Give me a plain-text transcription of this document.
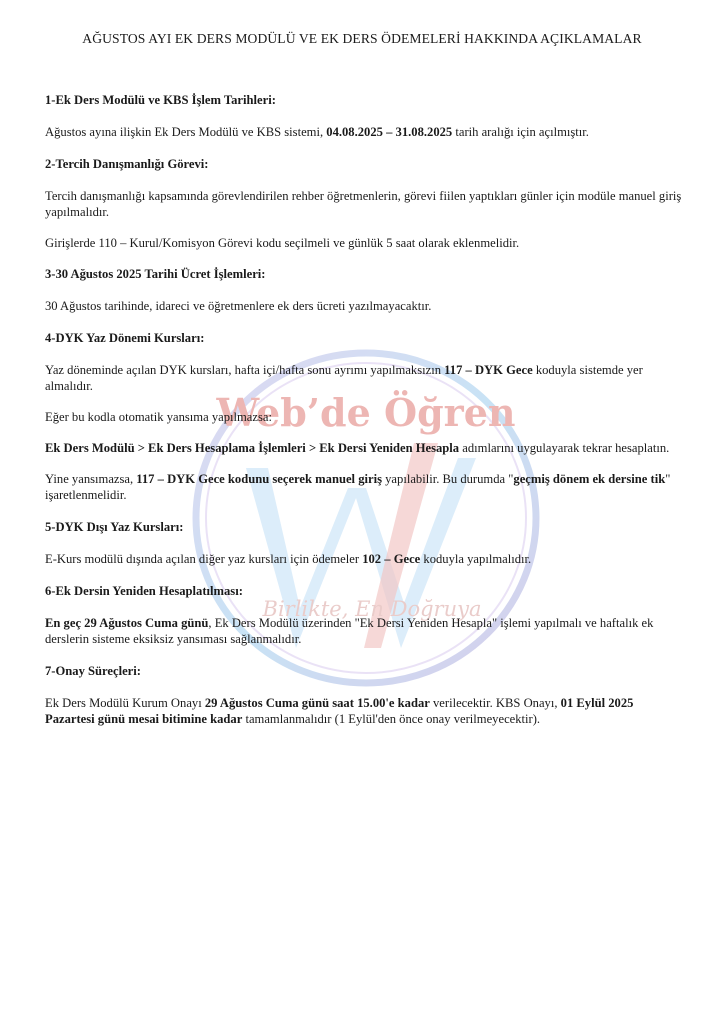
Web’de Öğren
Birlikte, En Doğruya
AĞUSTOS AYI EK DERS MODÜLÜ VE EK DERS ÖDEMELERİ HAKKINDA AÇIKLAMALAR

1-Ek Ders Modülü ve KBS İşlem Tarihleri:

Ağustos ayına ilişkin Ek Ders Modülü ve KBS sistemi, 04.08.2025 – 31.08.2025 tarih aralığı için açılmıştır.

2-Tercih Danışmanlığı Görevi:

Tercih danışmanlığı kapsamında görevlendirilen rehber öğretmenlerin, görevi fiilen yaptıkları günler için modüle manuel giriş yapılmalıdır.

Girişlerde 110 – Kurul/Komisyon Görevi kodu seçilmeli ve günlük 5 saat olarak eklenmelidir.

3-30 Ağustos 2025 Tarihi Ücret İşlemleri:

30 Ağustos tarihinde, idareci ve öğretmenlere ek ders ücreti yazılmayacaktır.

4-DYK Yaz Dönemi Kursları:

Yaz döneminde açılan DYK kursları, hafta içi/hafta sonu ayrımı yapılmaksızın 117 – DYK Gece koduyla sistemde yer almalıdır.

Eğer bu kodla otomatik yansıma yapılmazsa:

Ek Ders Modülü > Ek Ders Hesaplama İşlemleri > Ek Dersi Yeniden Hesapla adımlarını uygulayarak tekrar hesaplatın.

Yine yansımazsa, 117 – DYK Gece kodunu seçerek manuel giriş yapılabilir. Bu durumda "geçmiş dönem ek dersine tik" işaretlenmelidir.

5-DYK Dışı Yaz Kursları:

E-Kurs modülü dışında açılan diğer yaz kursları için ödemeler 102 – Gece koduyla yapılmalıdır.

6-Ek Dersin Yeniden Hesaplatılması:

En geç 29 Ağustos Cuma günü, Ek Ders Modülü üzerinden "Ek Dersi Yeniden Hesapla" işlemi yapılmalı ve haftalık ek derslerin sisteme eksiksiz yansıması sağlanmalıdır.

7-Onay Süreçleri:

Ek Ders Modülü Kurum Onayı 29 Ağustos Cuma günü saat 15.00'e kadar verilecektir. KBS Onayı, 01 Eylül 2025 Pazartesi günü mesai bitimine kadar tamamlanmalıdır (1 Eylül'den önce onay verilmeyecektir).
